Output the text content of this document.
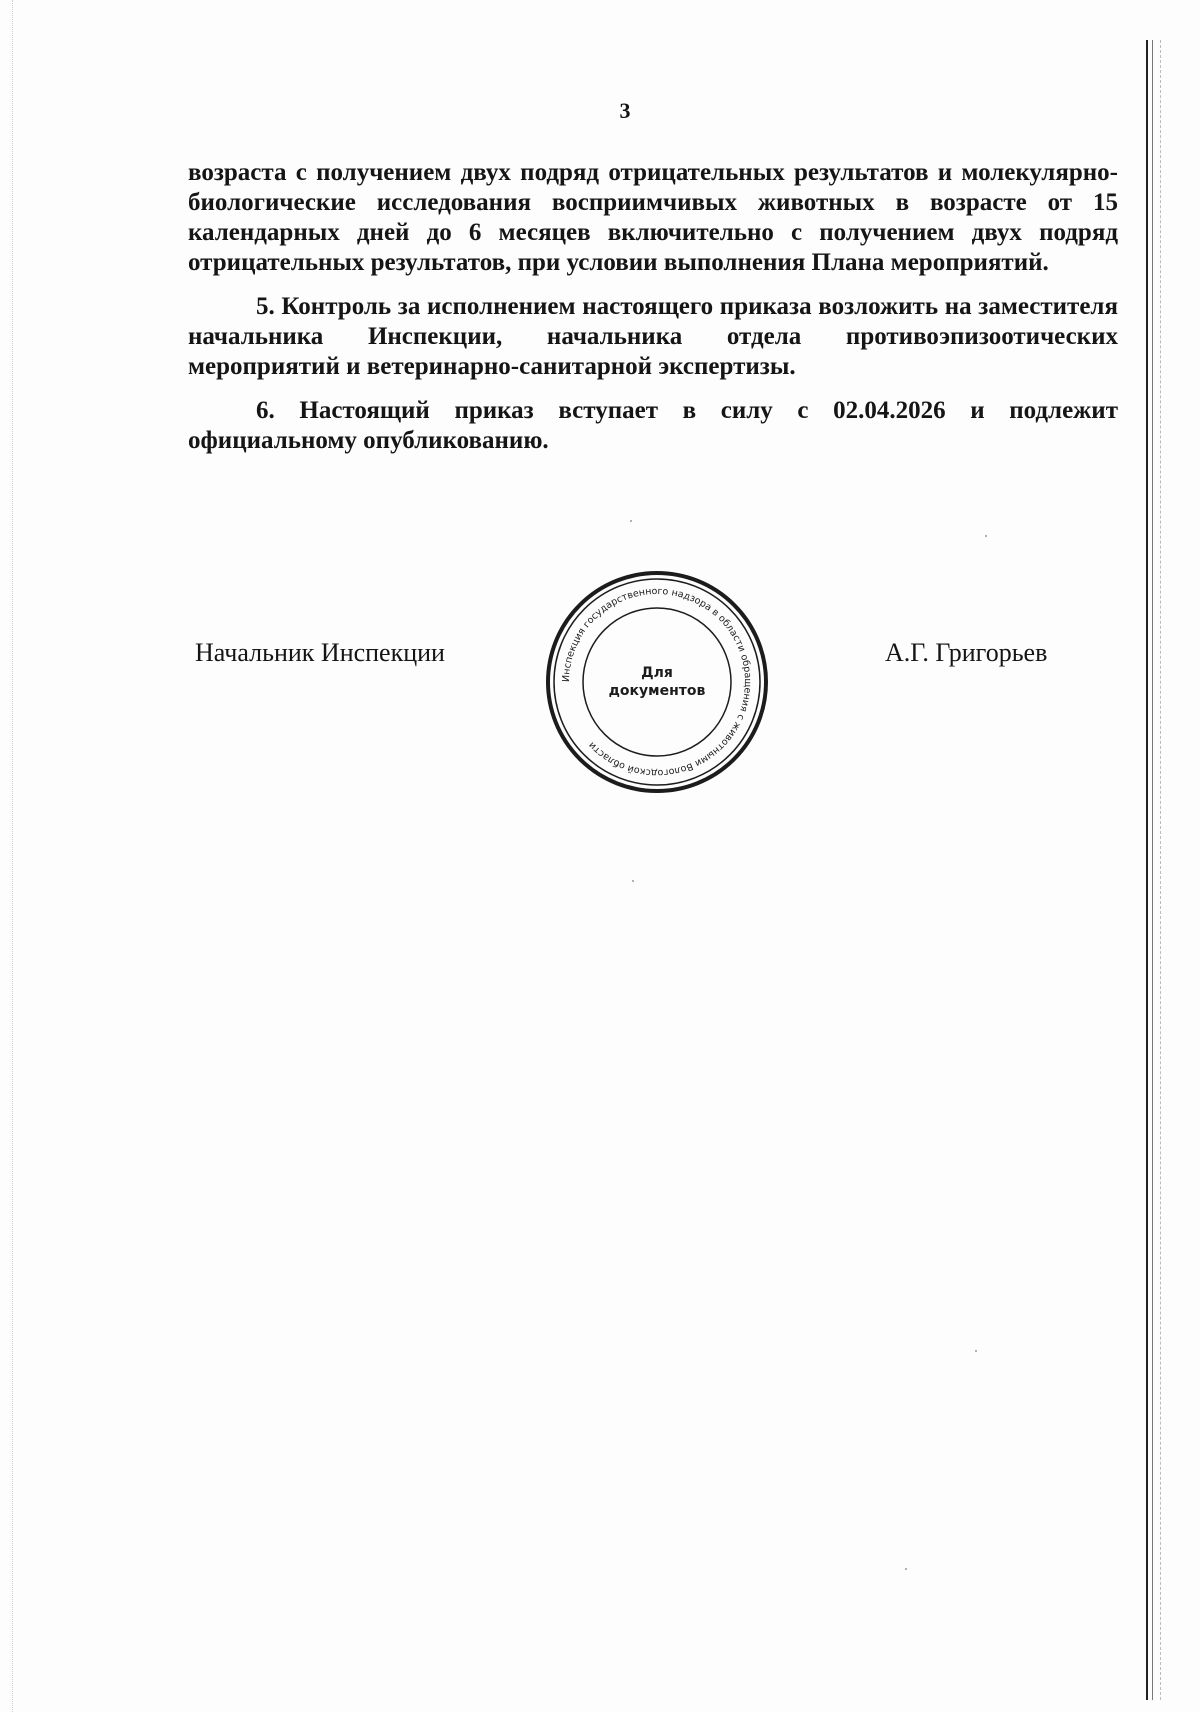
3

возраста с получением двух подряд отрицательных результатов и молекулярно-биологические исследования восприимчивых животных в возрасте от 15 календарных дней до 6 месяцев включительно с получением двух подряд отрицательных результатов, при условии выполнения Плана мероприятий.

5. Контроль за исполнением настоящего приказа возложить на заместителя начальника Инспекции, начальника отдела противоэпизоотических мероприятий и ветеринарно-санитарной экспертизы.

6. Настоящий приказ вступает в силу с 02.04.2026 и подлежит официальному опубликованию.

Начальник Инспекции
Инспекция государственного надзора в области обращения с животными Вологодской области
Для
документов
А.Г. Григорьев
